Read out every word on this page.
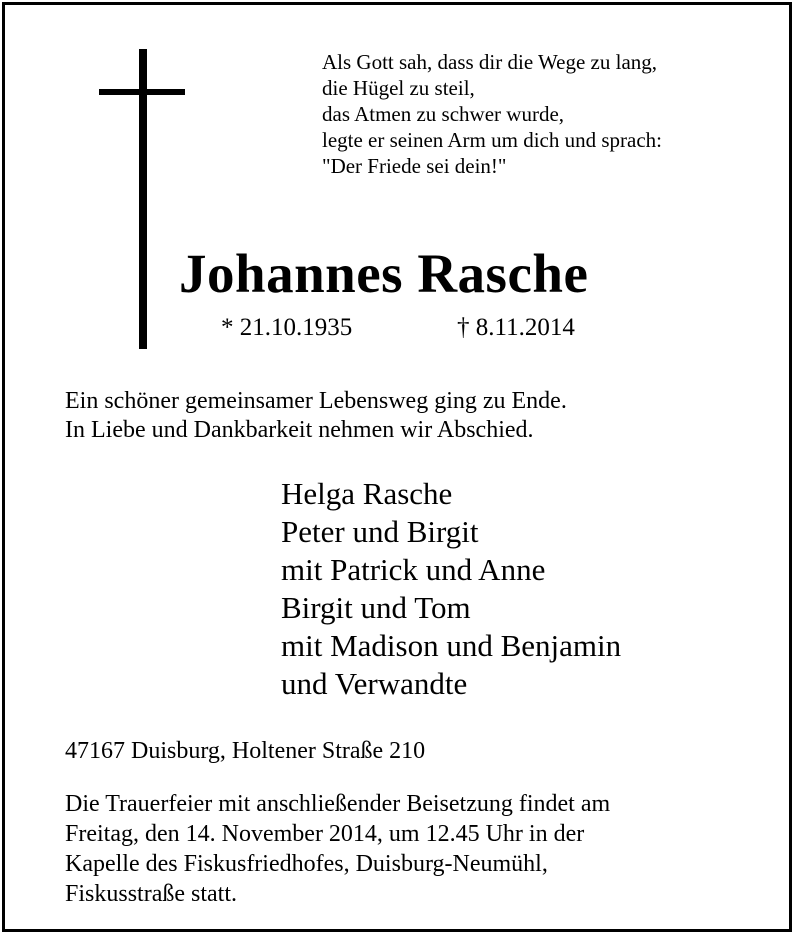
Als Gott sah, dass dir die Wege zu lang,
die Hügel zu steil,
das Atmen zu schwer wurde,
legte er seinen Arm um dich und sprach:
"Der Friede sei dein!"
Johannes Rasche
* 21.10.1935	† 8.11.2014
Ein schöner gemeinsamer Lebensweg ging zu Ende.
In Liebe und Dankbarkeit nehmen wir Abschied.
Helga Rasche
Peter und Birgit
mit Patrick und Anne
Birgit und Tom
mit Madison und Benjamin
und Verwandte
47167 Duisburg, Holtener Straße 210
Die Trauerfeier mit anschließender Beisetzung findet am
Freitag, den 14. November 2014, um 12.45 Uhr in der
Kapelle des Fiskusfriedhofes, Duisburg-Neumühl,
Fiskusstraße statt.
